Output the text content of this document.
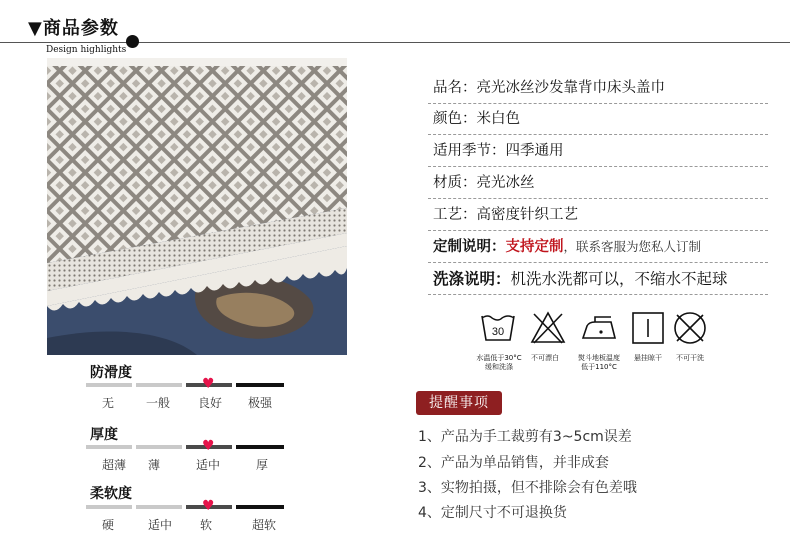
▼商品参数
Design highlights
品名：亮光冰丝沙发靠背巾床头盖巾
颜色：米白色
适用季节：四季通用
材质：亮光冰丝
工艺：高密度针织工艺
定制说明：支持定制，联系客服为您私人订制
洗涤说明：机洗水洗都可以，不缩水不起球
30
水温低于30°C
缓和洗涤
不可漂白	熨斗地板温度
低于110°C
悬挂晾干	不可干洗
防滑度
♥
无	一般	良好	极强
厚度
♥
超薄	薄	适中	厚
柔软度
♥
硬	适中	软	超软
提醒事项
1、产品为手工裁剪有3~5cm误差
2、产品为单品销售，并非成套
3、实物拍摄，但不排除会有色差哦
4、定制尺寸不可退换货
